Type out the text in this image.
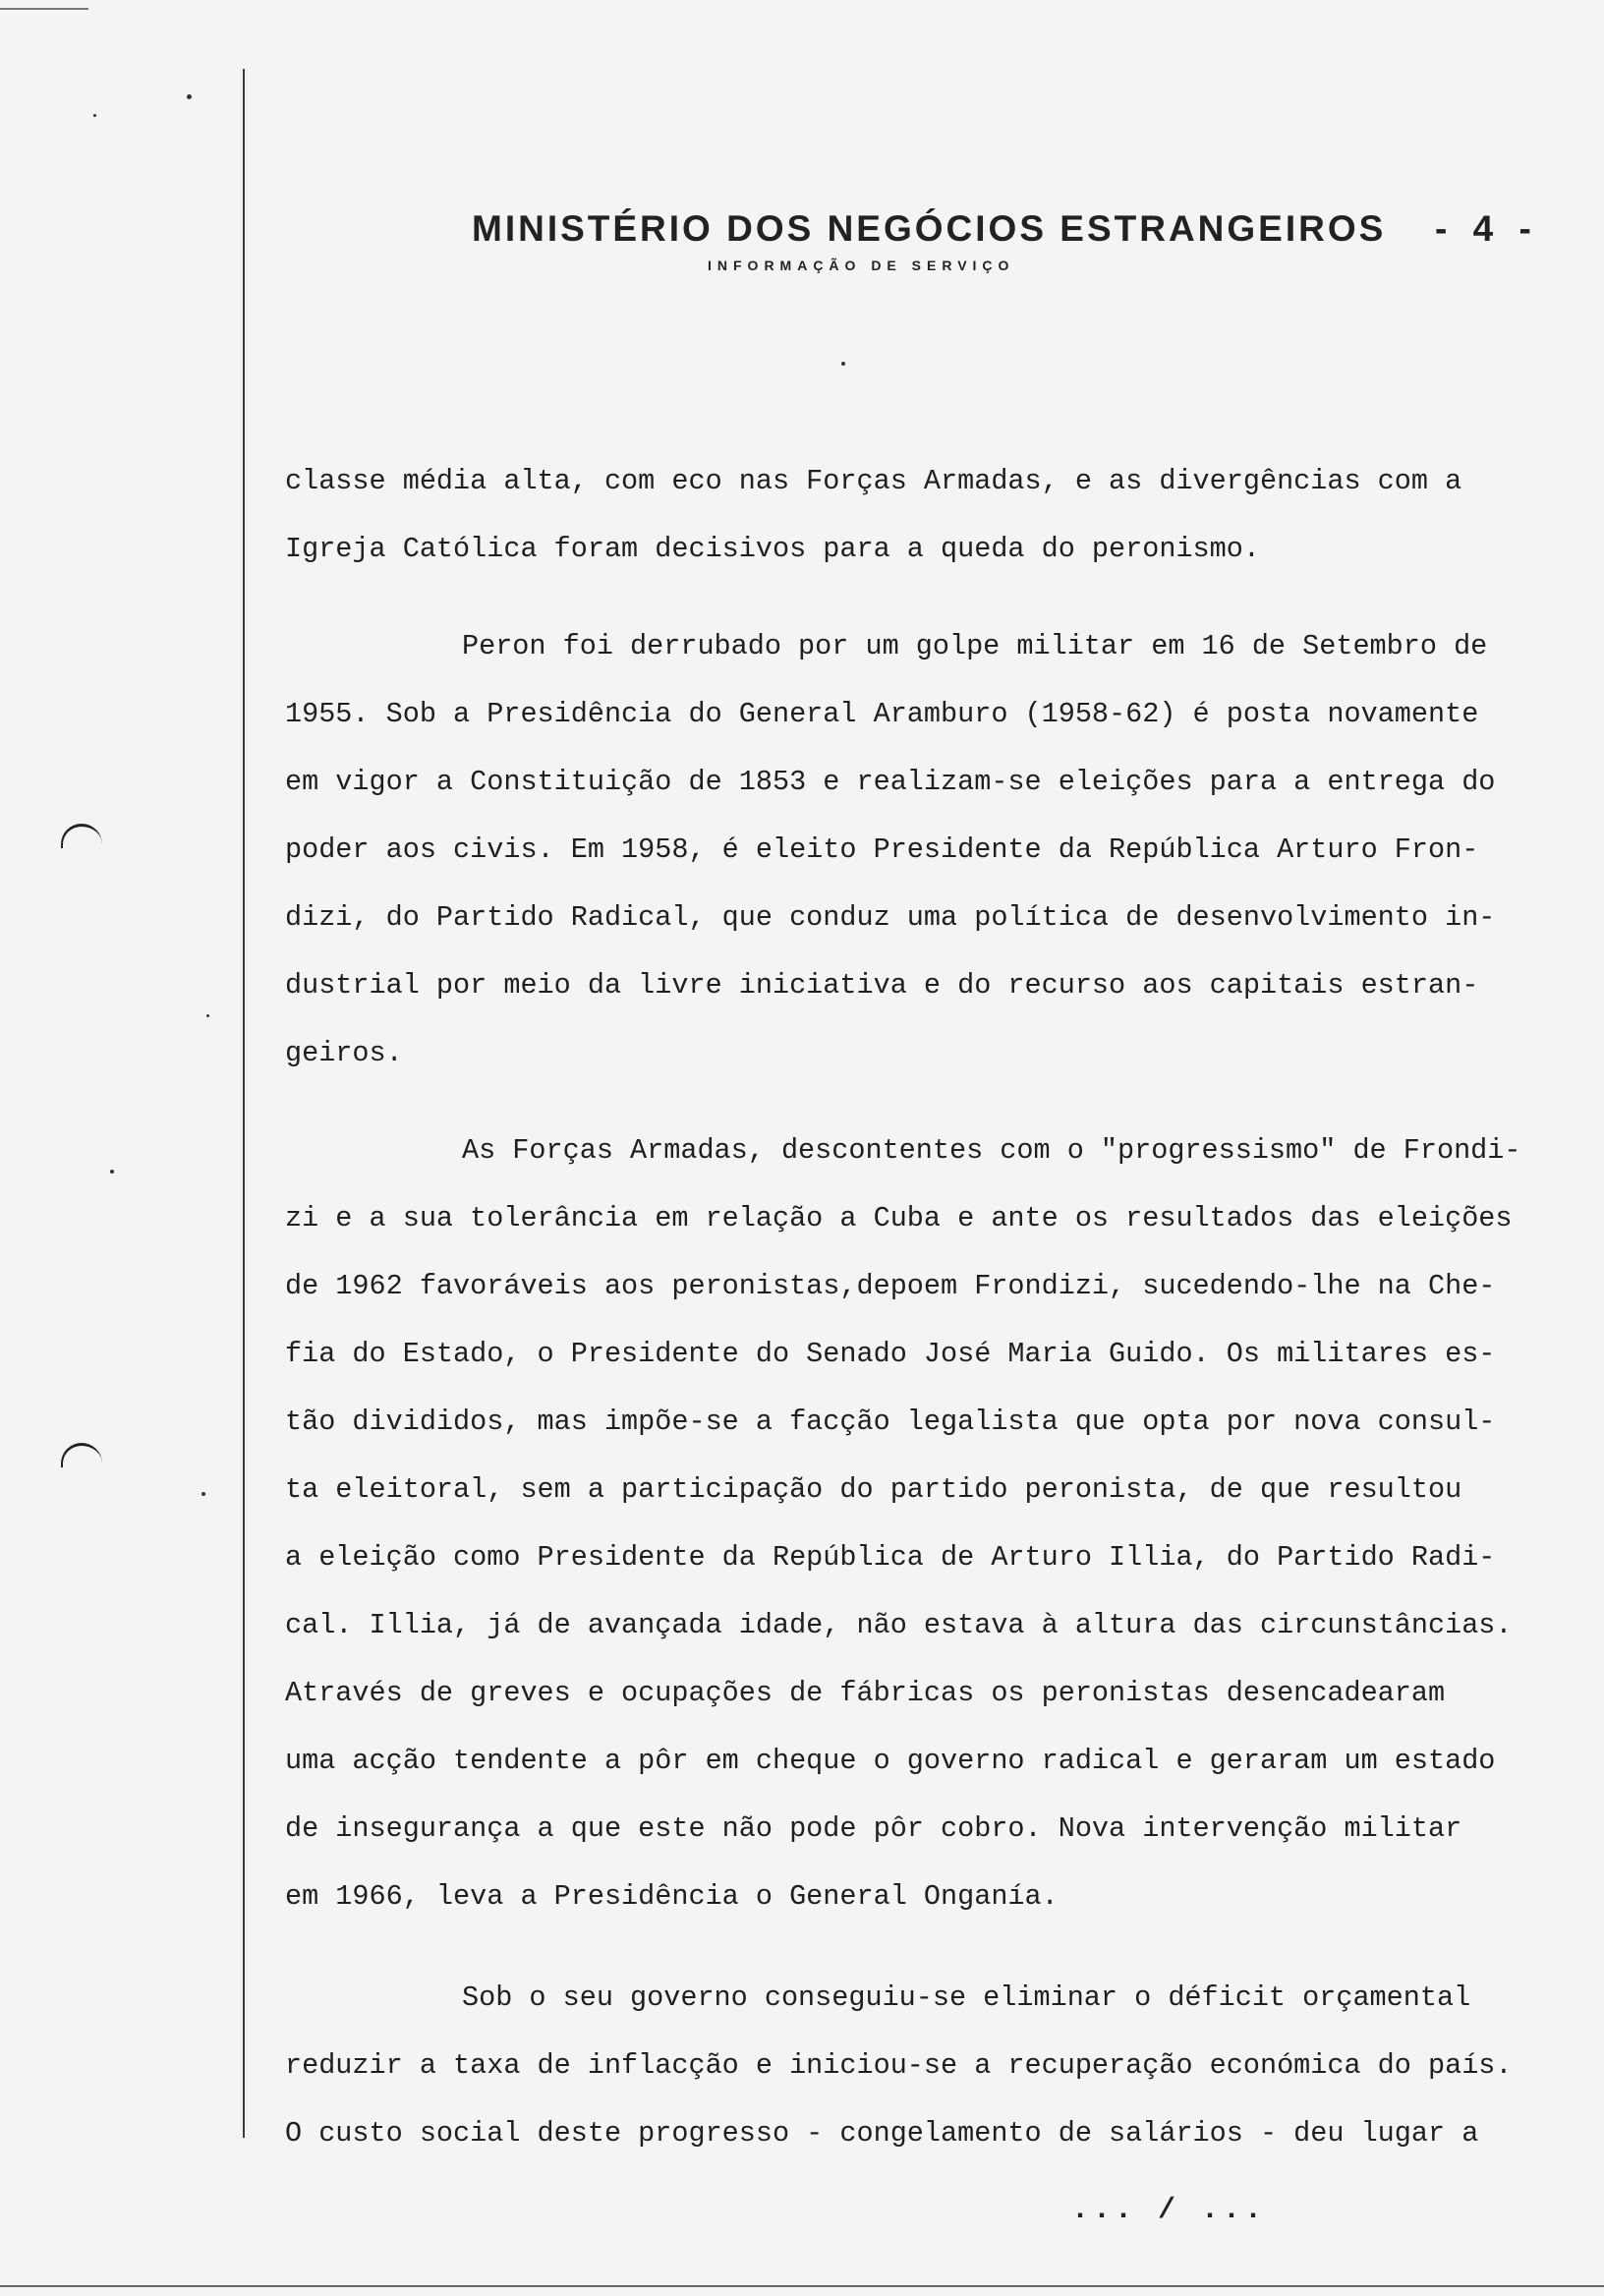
MINISTÉRIO DOS NEGÓCIOS ESTRANGEIROS	- 4 -
INFORMAÇÃO DE SERVIÇO
classe média alta, com eco nas Forças Armadas, e as divergências com a
Igreja Católica foram decisivos para a queda do peronismo.
Peron foi derrubado por um golpe militar em 16 de Setembro de
1955. Sob a Presidência do General Aramburo (1958-62) é posta novamente
em vigor a Constituição de 1853 e realizam-se eleições para a entrega do
poder aos civis. Em 1958, é eleito Presidente da República Arturo Fron-
dizi, do Partido Radical, que conduz uma política de desenvolvimento in-
dustrial por meio da livre iniciativa e do recurso aos capitais estran-
geiros.
As Forças Armadas, descontentes com o "progressismo" de Frondi-
zi e a sua tolerância em relação a Cuba e ante os resultados das eleições
de 1962 favoráveis aos peronistas,depoem Frondizi, sucedendo-lhe na Che-
fia do Estado, o Presidente do Senado José Maria Guido. Os militares es-
tão divididos, mas impõe-se a facção legalista que opta por nova consul-
ta eleitoral, sem a participação do partido peronista, de que resultou
a eleição como Presidente da República de Arturo Illia, do Partido Radi-
cal. Illia, já de avançada idade, não estava à altura das circunstâncias.
Através de greves e ocupações de fábricas os peronistas desencadearam
uma acção tendente a pôr em cheque o governo radical e geraram um estado
de insegurança a que este não pode pôr cobro. Nova intervenção militar
em 1966, leva a Presidência o General Onganía.
Sob o seu governo conseguiu-se eliminar o déficit orçamental
reduzir a taxa de inflacção e iniciou-se a recuperação económica do país.
O custo social deste progresso - congelamento de salários - deu lugar a
... / ...
